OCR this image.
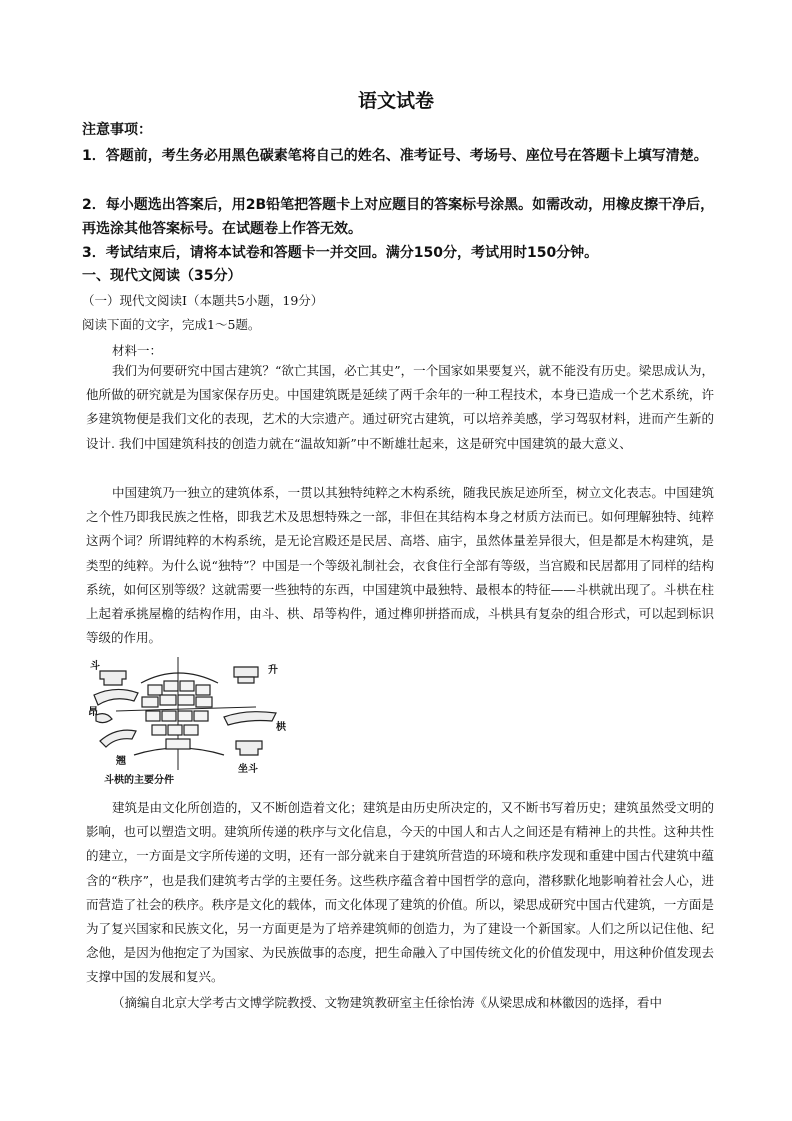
语文试卷
注意事项：
1．答题前，考生务必用黑色碳素笔将自己的姓名、准考证号、考场号、座位号在答题卡上填写清楚。
2．每小题选出答案后，用2B铅笔把答题卡上对应题目的答案标号涂黑。如需改动，用橡皮擦干净后，再选涂其他答案标号。在试题卷上作答无效。
3．考试结束后，请将本试卷和答题卡一并交回。满分150分，考试用时150分钟。
一、现代文阅读（35分）
（一）现代文阅读Ⅰ（本题共5小题，19分）
阅读下面的文字，完成1～5题。
材料一：

我们为何要研究中国古建筑？“欲亡其国，必亡其史”，一个国家如果要复兴，就不能没有历史。梁思成认为，他所做的研究就是为国家保存历史。中国建筑既是延续了两千余年的一种工程技术，本身已造成一个艺术系统，许多建筑物便是我们文化的表现，艺术的大宗遗产。通过研究古建筑，可以培养美感，学习驾驭材料，进而产生新的设计. 我们中国建筑科技的创造力就在“温故知新”中不断雄壮起来，这是研究中国建筑的最大意义、

中国建筑乃一独立的建筑体系，一贯以其独特纯粹之木构系统，随我民族足迹所至，树立文化表志。中国建筑之个性乃即我民族之性格，即我艺术及思想特殊之一部，非但在其结构本身之材质方法而已。如何理解独特、纯粹这两个词？所谓纯粹的木构系统，是无论宫殿还是民居、高塔、庙宇，虽然体量差异很大，但是都是木构建筑，是类型的纯粹。为什么说“独特”？中国是一个等级礼制社会，衣食住行全部有等级，当宫殿和民居都用了同样的结构系统，如何区别等级？这就需要一些独特的东西，中国建筑中最独特、最根本的特征——斗栱就出现了。斗栱在柱上起着承挑屋檐的结构作用，由斗、栱、昂等构件，通过榫卯拼搭而成，斗栱具有复杂的组合形式，可以起到标识等级的作用。

斗	升
昂
栱
翘
坐斗
斗栱的主要分件

建筑是由文化所创造的，又不断创造着文化；建筑是由历史所决定的，又不断书写着历史；建筑虽然受文明的影响，也可以塑造文明。建筑所传递的秩序与文化信息，今天的中国人和古人之间还是有精神上的共性。这种共性的建立，一方面是文字所传递的文明，还有一部分就来自于建筑所营造的环境和秩序发现和重建中国古代建筑中蕴含的“秩序”，也是我们建筑考古学的主要任务。这些秩序蕴含着中国哲学的意向，潜移默化地影响着社会人心，进而营造了社会的秩序。秩序是文化的载体，而文化体现了建筑的价值。所以，梁思成研究中国古代建筑，一方面是为了复兴国家和民族文化，另一方面更是为了培养建筑师的创造力，为了建设一个新国家。人们之所以记住他、纪念他，是因为他抱定了为国家、为民族做事的态度，把生命融入了中国传统文化的价值发现中，用这种价值发现去支撑中国的发展和复兴。

（摘编自北京大学考古文博学院教授、文物建筑教研室主任徐怡涛《从梁思成和林徽因的选择，看中
